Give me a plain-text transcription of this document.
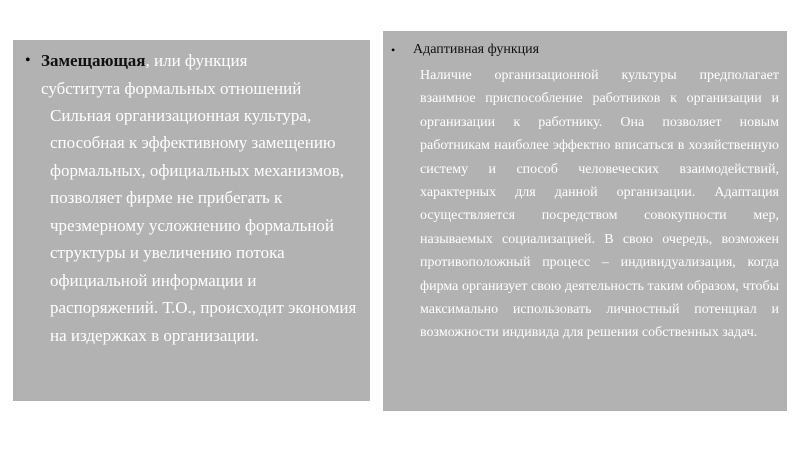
• Замещающая, или функция
субститута формальных отношений
Сильная организационная культура, способная к эффективному замещению формальных, официальных механизмов, позволяет фирме не прибегать к чрезмерному усложнению формальной структуры и увеличению потока официальной информации и распоряжений. Т.О., происходит экономия на издержках в организации.
•	Адаптивная функция
Наличие организационной культуры предполагает взаимное приспособление работников к организации и организации к работнику. Она позволяет новым работникам наиболее эффектно вписаться в хозяйственную систему и способ человеческих взаимодействий, характерных для данной организации. Адаптация осуществляется посредством совокупности мер, называемых социализацией. В свою очередь, возможен противоположный процесс – индивидуализация, когда фирма организует свою деятельность таким образом, чтобы максимально использовать личностный потенциал и возможности индивида для решения собственных задач.
